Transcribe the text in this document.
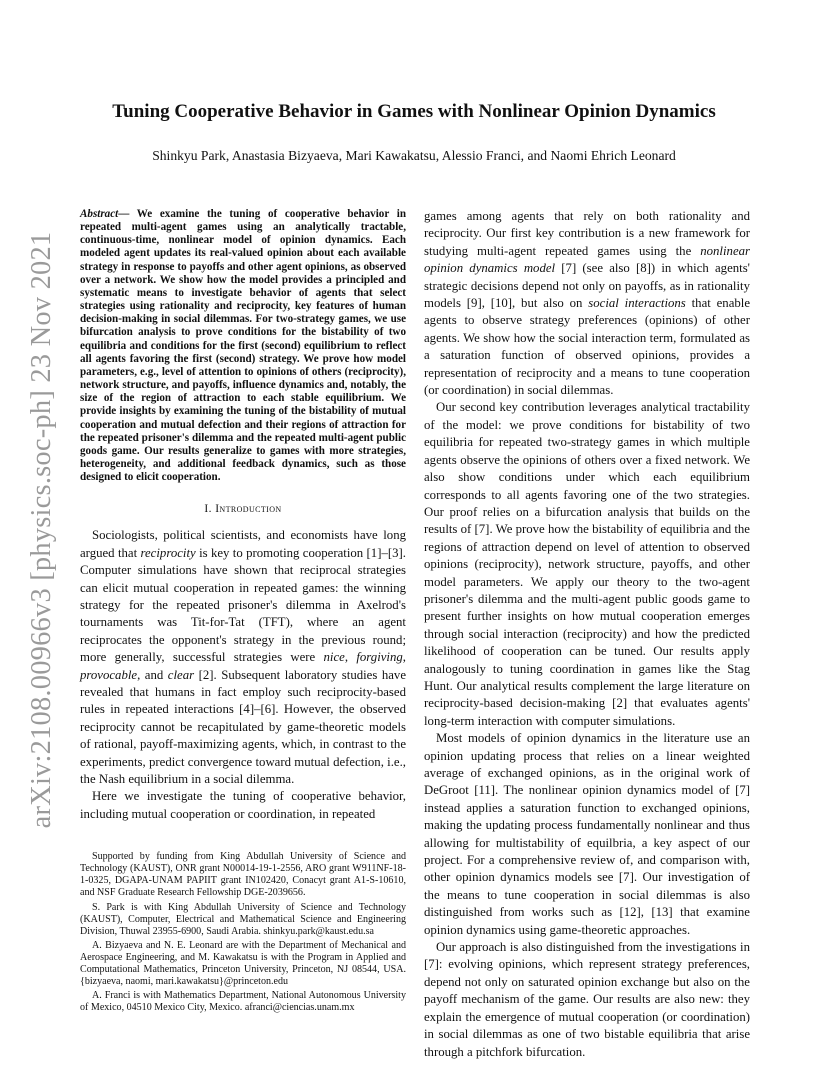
arXiv:2108.00966v3 [physics.soc-ph] 23 Nov 2021
Tuning Cooperative Behavior in Games with Nonlinear Opinion Dynamics
Shinkyu Park, Anastasia Bizyaeva, Mari Kawakatsu, Alessio Franci, and Naomi Ehrich Leonard

Abstract— We examine the tuning of cooperative behavior in repeated multi-agent games using an analytically tractable, continuous-time, nonlinear model of opinion dynamics. Each modeled agent updates its real-valued opinion about each available strategy in response to payoffs and other agent opinions, as observed over a network. We show how the model provides a principled and systematic means to investigate behavior of agents that select strategies using rationality and reciprocity, key features of human decision-making in social dilemmas. For two-strategy games, we use bifurcation analysis to prove conditions for the bistability of two equilibria and conditions for the first (second) equilibrium to reflect all agents favoring the first (second) strategy. We prove how model parameters, e.g., level of attention to opinions of others (reciprocity), network structure, and payoffs, influence dynamics and, notably, the size of the region of attraction to each stable equilibrium. We provide insights by examining the tuning of the bistability of mutual cooperation and mutual defection and their regions of attraction for the repeated prisoner's dilemma and the repeated multi-agent public goods game. Our results generalize to games with more strategies, heterogeneity, and additional feedback dynamics, such as those designed to elicit cooperation.

I. Introduction

Sociologists, political scientists, and economists have long argued that reciprocity is key to promoting cooperation [1]–[3]. Computer simulations have shown that reciprocal strategies can elicit mutual cooperation in repeated games: the winning strategy for the repeated prisoner's dilemma in Axelrod's tournaments was Tit-for-Tat (TFT), where an agent reciprocates the opponent's strategy in the previous round; more generally, successful strategies were nice, forgiving, provocable, and clear [2]. Subsequent laboratory studies have revealed that humans in fact employ such reciprocity-based rules in repeated interactions [4]–[6]. However, the observed reciprocity cannot be recapitulated by game-theoretic models of rational, payoff-maximizing agents, which, in contrast to the experiments, predict convergence toward mutual defection, i.e., the Nash equilibrium in a social dilemma.

Here we investigate the tuning of cooperative behavior, including mutual cooperation or coordination, in repeated

Supported by funding from King Abdullah University of Science and Technology (KAUST), ONR grant N00014-19-1-2556, ARO grant W911NF-18-1-0325, DGAPA-UNAM PAPIIT grant IN102420, Conacyt grant A1-S-10610, and NSF Graduate Research Fellowship DGE-2039656.

S. Park is with King Abdullah University of Science and Technology (KAUST), Computer, Electrical and Mathematical Science and Engineering Division, Thuwal 23955-6900, Saudi Arabia. shinkyu.park@kaust.edu.sa

A. Bizyaeva and N. E. Leonard are with the Department of Mechanical and Aerospace Engineering, and M. Kawakatsu is with the Program in Applied and Computational Mathematics, Princeton University, Princeton, NJ 08544, USA. {bizyaeva, naomi, mari.kawakatsu}@princeton.edu

A. Franci is with Mathematics Department, National Autonomous University of Mexico, 04510 Mexico City, Mexico. afranci@ciencias.unam.mx

games among agents that rely on both rationality and reciprocity. Our first key contribution is a new framework for studying multi-agent repeated games using the nonlinear opinion dynamics model [7] (see also [8]) in which agents' strategic decisions depend not only on payoffs, as in rationality models [9], [10], but also on social interactions that enable agents to observe strategy preferences (opinions) of other agents. We show how the social interaction term, formulated as a saturation function of observed opinions, provides a representation of reciprocity and a means to tune cooperation (or coordination) in social dilemmas.

Our second key contribution leverages analytical tractability of the model: we prove conditions for bistability of two equilibria for repeated two-strategy games in which multiple agents observe the opinions of others over a fixed network. We also show conditions under which each equilibrium corresponds to all agents favoring one of the two strategies. Our proof relies on a bifurcation analysis that builds on the results of [7]. We prove how the bistability of equilibria and the regions of attraction depend on level of attention to observed opinions (reciprocity), network structure, payoffs, and other model parameters. We apply our theory to the two-agent prisoner's dilemma and the multi-agent public goods game to present further insights on how mutual cooperation emerges through social interaction (reciprocity) and how the predicted likelihood of cooperation can be tuned. Our results apply analogously to tuning coordination in games like the Stag Hunt. Our analytical results complement the large literature on reciprocity-based decision-making [2] that evaluates agents' long-term interaction with computer simulations.

Most models of opinion dynamics in the literature use an opinion updating process that relies on a linear weighted average of exchanged opinions, as in the original work of DeGroot [11]. The nonlinear opinion dynamics model of [7] instead applies a saturation function to exchanged opinions, making the updating process fundamentally nonlinear and thus allowing for multistability of equilbria, a key aspect of our project. For a comprehensive review of, and comparison with, other opinion dynamics models see [7]. Our investigation of the means to tune cooperation in social dilemmas is also distinguished from works such as [12], [13] that examine opinion dynamics using game-theoretic approaches.

Our approach is also distinguished from the investigations in [7]: evolving opinions, which represent strategy preferences, depend not only on saturated opinion exchange but also on the payoff mechanism of the game. Our results are also new: they explain the emergence of mutual cooperation (or coordination) in social dilemmas as one of two bistable equilibria that arise through a pitchfork bifurcation.
